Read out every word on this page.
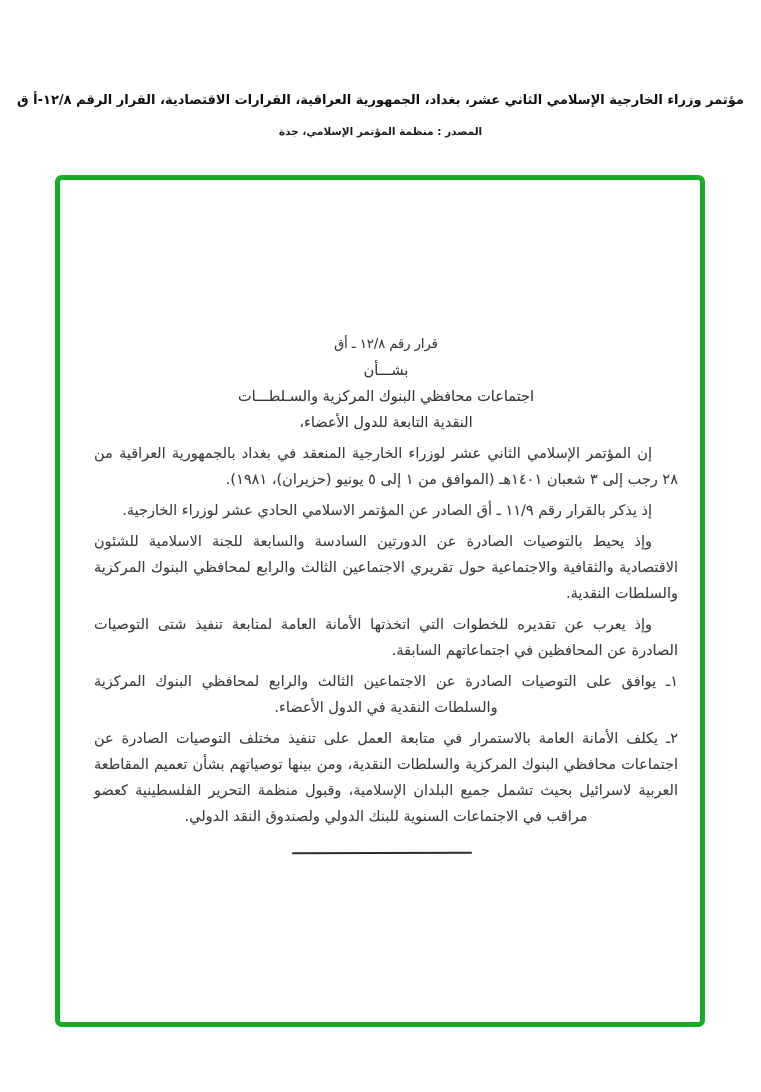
مؤتمر وزراء الخارجية الإسلامي الثاني عشر، بغداد، الجمهورية العراقية، القرارات الاقتصادية، القرار الرقم ١٢/٨-أ ق
المصدر : منظمة المؤتمر الإسلامي، جدة
قرار رقم ١٢/٨ ـ أق
بشـــأن
اجتماعات محافظي البنوك المركزية والسـلطـــات
النقدية التابعة للدول الأعضاء،

إن المؤتمر الإسلامي الثاني عشر لوزراء الخارجية المنعقد في بغداد بالجمهورية العراقية من ٢٨ رجب إلى ٣ شعبان ١٤٠١هـ (الموافق من ١ إلى ٥ يونيو (حزيران)، ١٩٨١).

إذ يذكر بالقرار رقم ١١/٩ ـ أق الصادر عن المؤتمر الاسلامي الحادي عشر لوزراء الخارجية.

وإذ يحيط بالتوصيات الصادرة عن الدورتين السادسة والسابعة للجنة الاسلامية للشئون الاقتصادية والثقافية والاجتماعية حول تقريري الاجتماعين الثالث والرابع لمحافظي البنوك المركزية والسلطات النقدية.

وإذ يعرب عن تقديره للخطوات التي اتخذتها الأمانة العامة لمتابعة تنفيذ شتى التوصيات الصادرة عن المحافظين في اجتماعاتهم السابقة.

١ـ يوافق على التوصيات الصادرة عن الاجتماعين الثالث والرابع لمحافظي البنوك المركزية والسلطات النقدية في الدول الأعضاء.
٢ـ يكلف الأمانة العامة بالاستمرار في متابعة العمل على تنفيذ مختلف التوصيات الصادرة عن اجتماعات محافظي البنوك المركزية والسلطات النقدية، ومن بينها توصياتهم بشأن تعميم المقاطعة العربية لاسرائيل بحيث تشمل جميع البلدان الإسلامية، وقبول منظمة التحرير الفلسطينية كعضو مراقب في الاجتماعات السنوية للبنك الدولي ولصندوق النقد الدولي.
